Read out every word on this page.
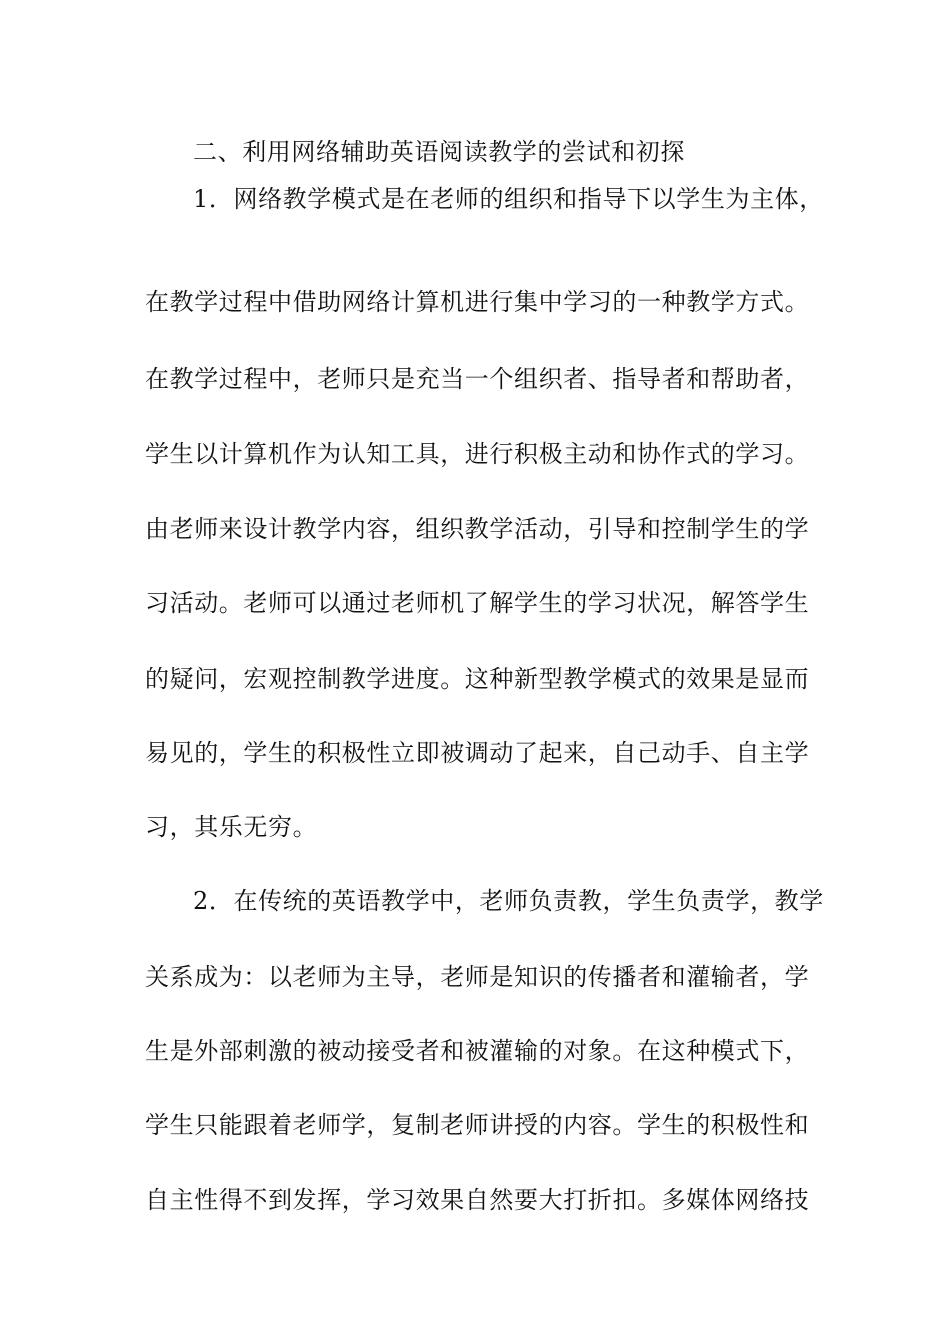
二、利用网络辅助英语阅读教学的尝试和初探
1．网络教学模式是在老师的组织和指导下以学生为主体，
在教学过程中借助网络计算机进行集中学习的一种教学方式。
在教学过程中，老师只是充当一个组织者、指导者和帮助者，
学生以计算机作为认知工具，进行积极主动和协作式的学习。
由老师来设计教学内容，组织教学活动，引导和控制学生的学
习活动。老师可以通过老师机了解学生的学习状况，解答学生
的疑问，宏观控制教学进度。这种新型教学模式的效果是显而
易见的，学生的积极性立即被调动了起来，自己动手、自主学
习，其乐无穷。
2．在传统的英语教学中，老师负责教，学生负责学，教学
关系成为：以老师为主导，老师是知识的传播者和灌输者，学
生是外部刺激的被动接受者和被灌输的对象。在这种模式下，
学生只能跟着老师学，复制老师讲授的内容。学生的积极性和
自主性得不到发挥，学习效果自然要大打折扣。多媒体网络技
